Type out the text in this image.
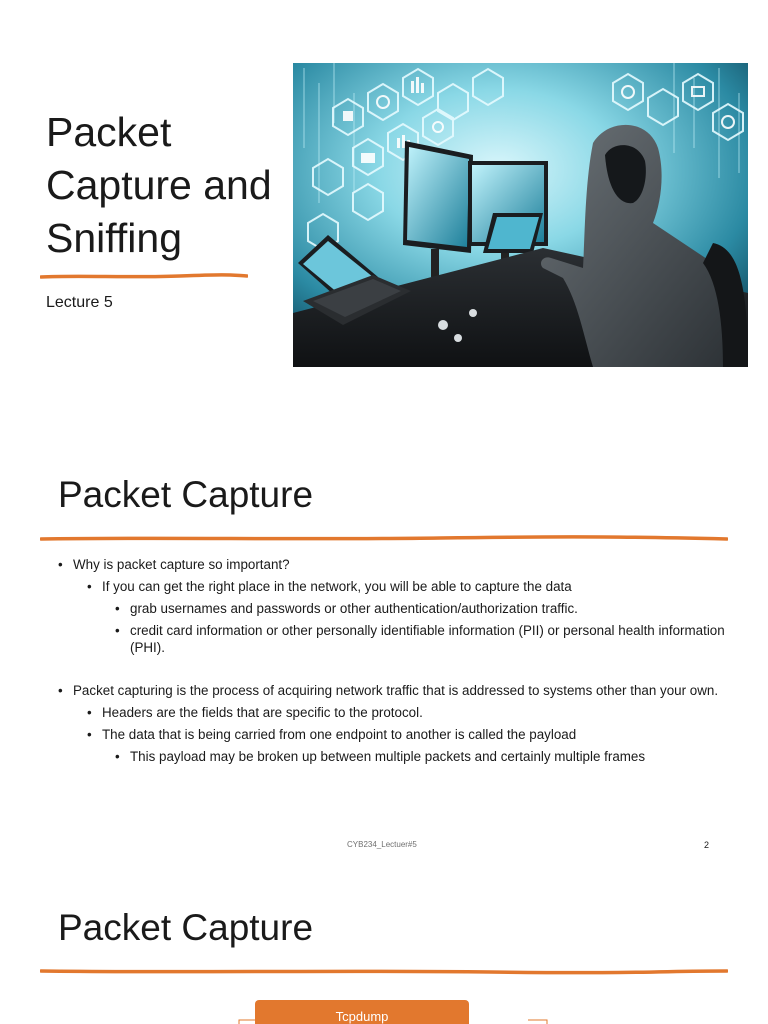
Packet
Capture and
Sniffing
Lecture 5
Packet Capture
• Why is packet capture so important?
• If you can get the right place in the network, you will be able to capture the data
• grab usernames and passwords or other authentication/authorization traffic.
• credit card information or other personally identifiable information (PII) or personal health information (PHI).
• Packet capturing is the process of acquiring network traffic that is addressed to systems other than your own.
• Headers are the fields that are specific to the protocol.
• The data that is being carried from one endpoint to another is called the payload
• This payload may be broken up between multiple packets and certainly multiple frames
CYB234_Lectuer#5	2
Packet Capture
Tcpdump
